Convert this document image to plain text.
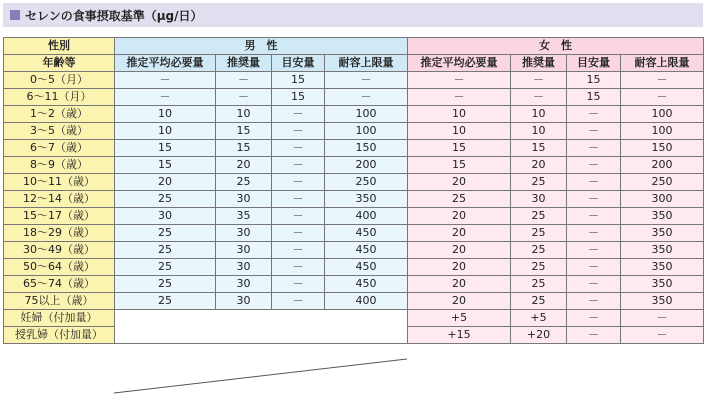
セレンの食事摂取基準（μg/日）
性別	男　性				女　性			
年齢等	推定平均必要量	推奨量	目安量	耐容上限量	推定平均必要量	推奨量	目安量	耐容上限量
0～5（月）	－	－	15	－	－	－	15	－
6～11（月）	－	－	15	－	－	－	15	－
1～2（歳）	10	10	－	100	10	10	－	100
3～5（歳）	10	15	－	100	10	10	－	100
6～7（歳）	15	15	－	150	15	15	－	150
8～9（歳）	15	20	－	200	15	20	－	200
10～11（歳）	20	25	－	250	20	25	－	250
12～14（歳）	25	30	－	350	25	30	－	300
15～17（歳）	30	35	－	400	20	25	－	350
18～29（歳）	25	30	－	450	20	25	－	350
30～49（歳）	25	30	－	450	20	25	－	350
50～64（歳）	25	30	－	450	20	25	－	350
65～74（歳）	25	30	－	450	20	25	－	350
75以上（歳）	25	30	－	400	20	25	－	350
妊婦（付加量）					+5	+5	－	－
授乳婦（付加量）					+15	+20	－	－
